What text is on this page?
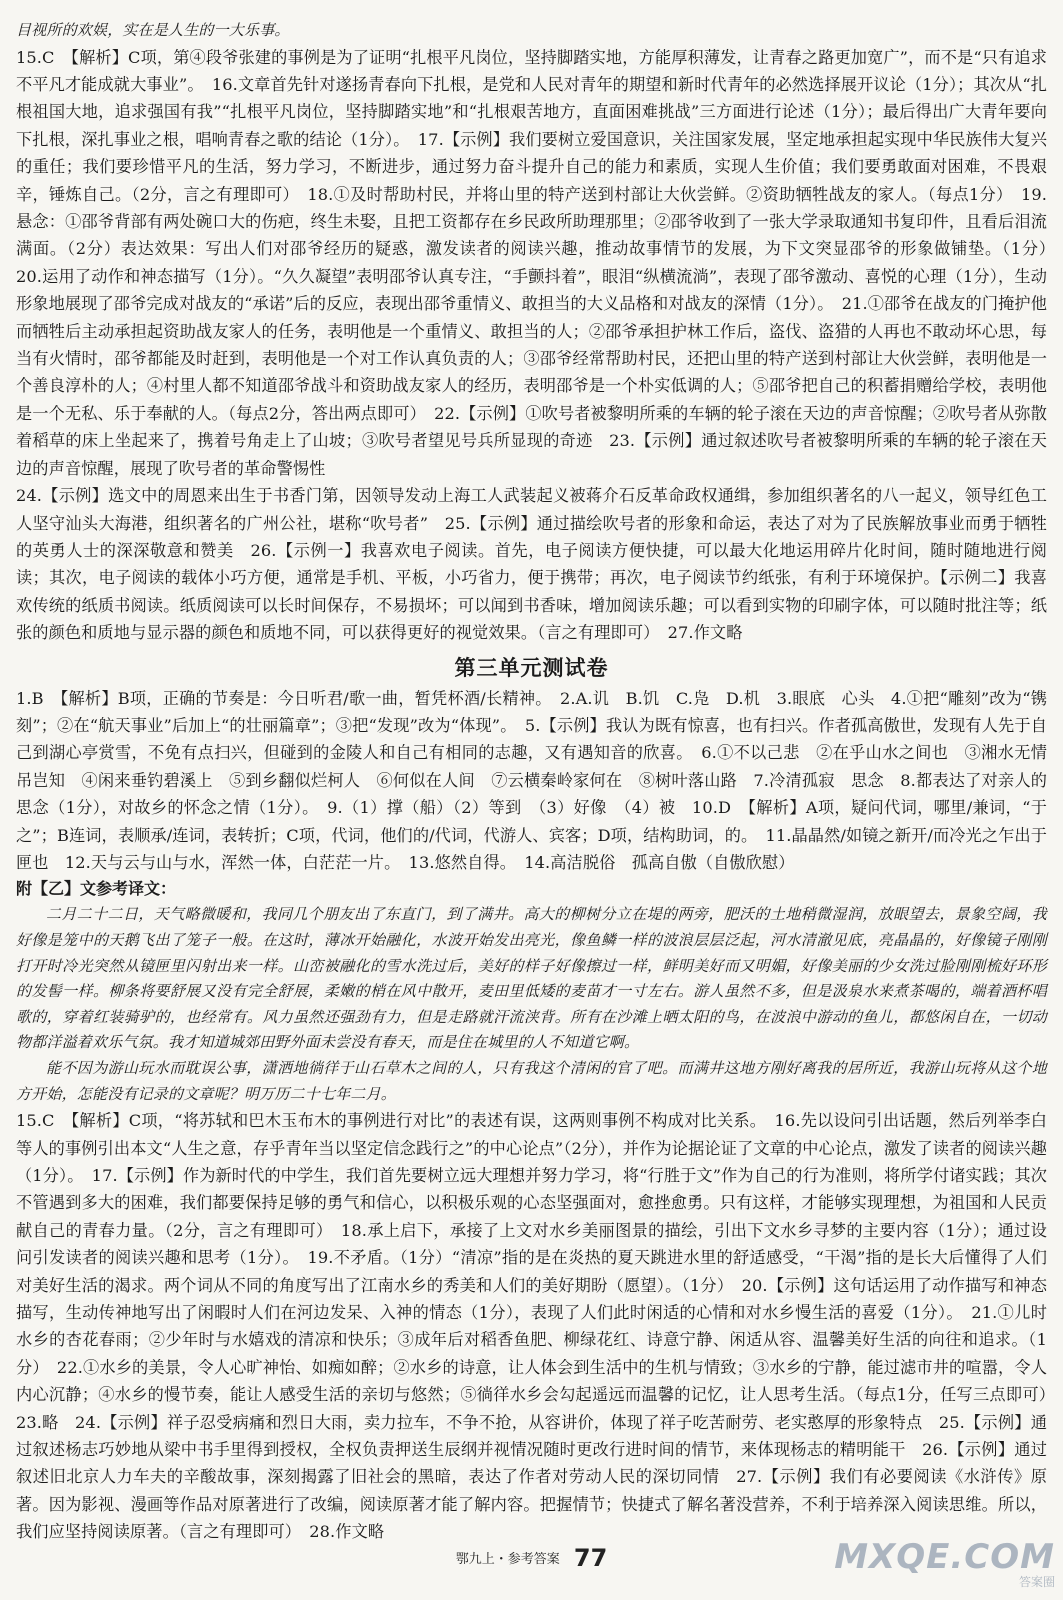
目视所的欢娱，实在是人生的一大乐事。

15.C　【解析】C项，第④段爷张建的事例是为了证明“扎根平凡岗位，坚持脚踏实地，方能厚积薄发，让青春之路更加宽广”，而不是“只有追求不平凡才能成就大事业”。　16.文章首先针对遂扬青春向下扎根，是党和人民对青年的期望和新时代青年的必然选择展开议论（1分）；其次从“扎根祖国大地，追求强国有我”“扎根平凡岗位，坚持脚踏实地”和“扎根艰苦地方，直面困难挑战”三方面进行论述（1分）；最后得出广大青年要向下扎根，深扎事业之根，唱响青春之歌的结论（1分）。　17.【示例】我们要树立爱国意识，关注国家发展，坚定地承担起实现中华民族伟大复兴的重任；我们要珍惜平凡的生活，努力学习，不断进步，通过努力奋斗提升自己的能力和素质，实现人生价值；我们要勇敢面对困难，不畏艰辛，锤炼自己。（2分，言之有理即可）　18.①及时帮助村民，并将山里的特产送到村部让大伙尝鲜。②资助牺牲战友的家人。（每点1分）　19.悬念：①邵爷背部有两处碗口大的伤疤，终生未娶，且把工资都存在乡民政所助理那里；②邵爷收到了一张大学录取通知书复印件，且看后泪流满面。（2分）表达效果：写出人们对邵爷经历的疑惑，激发读者的阅读兴趣，推动故事情节的发展，为下文突显邵爷的形象做铺垫。（1分）　20.运用了动作和神态描写（1分）。“久久凝望”表明邵爷认真专注，“手颤抖着”，眼泪“纵横流淌”，表现了邵爷激动、喜悦的心理（1分），生动形象地展现了邵爷完成对战友的“承诺”后的反应，表现出邵爷重情义、敢担当的大义品格和对战友的深情（1分）。　21.①邵爷在战友的门掩护他而牺牲后主动承担起资助战友家人的任务，表明他是一个重情义、敢担当的人；②邵爷承担护林工作后，盗伐、盗猎的人再也不敢动坏心思，每当有火情时，邵爷都能及时赶到，表明他是一个对工作认真负责的人；③邵爷经常帮助村民，还把山里的特产送到村部让大伙尝鲜，表明他是一个善良淳朴的人；④村里人都不知道邵爷战斗和资助战友家人的经历，表明邵爷是一个朴实低调的人；⑤邵爷把自己的积蓄捐赠给学校，表明他是一个无私、乐于奉献的人。（每点2分，答出两点即可）　22.【示例】①吹号者被黎明所乘的车辆的轮子滚在天边的声音惊醒；②吹号者从弥散着稻草的床上坐起来了，携着号角走上了山坡；③吹号者望见号兵所显现的奇迹　23.【示例】通过叙述吹号者被黎明所乘的车辆的轮子滚在天边的声音惊醒，展现了吹号者的革命警惕性

24.【示例】选文中的周恩来出生于书香门第，因领导发动上海工人武装起义被蒋介石反革命政权通缉，参加组织著名的八一起义，领导红色工人坚守汕头大海港，组织著名的广州公社，堪称“吹号者”　25.【示例】通过描绘吹号者的形象和命运，表达了对为了民族解放事业而勇于牺牲的英勇人士的深深敬意和赞美　26.【示例一】我喜欢电子阅读。首先，电子阅读方便快捷，可以最大化地运用碎片化时间，随时随地进行阅读；其次，电子阅读的载体小巧方便，通常是手机、平板，小巧省力，便于携带；再次，电子阅读节约纸张，有利于环境保护。【示例二】我喜欢传统的纸质书阅读。纸质阅读可以长时间保存，不易损坏；可以闻到书香味，增加阅读乐趣；可以看到实物的印刷字体，可以随时批注等；纸张的颜色和质地与显示器的颜色和质地不同，可以获得更好的视觉效果。（言之有理即可）　27.作文略

第三单元测试卷

1.B　【解析】B项，正确的节奏是：今日听君/歌一曲，暂凭杯酒/长精神。　2.A.讥　B.饥　C.凫　D.机　3.眼底　心头　4.①把“雕刻”改为“镌刻”；②在“航天事业”后加上“的壮丽篇章”；③把“发现”改为“体现”。　5.【示例】我认为既有惊喜，也有扫兴。作者孤高傲世，发现有人先于自己到湖心亭赏雪，不免有点扫兴，但碰到的金陵人和自己有相同的志趣，又有遇知音的欣喜。　6.①不以己悲　②在乎山水之间也　③湘水无情吊岂知　④闲来垂钓碧溪上　⑤到乡翻似烂柯人　⑥何似在人间　⑦云横秦岭家何在　⑧树叶落山路　7.冷清孤寂　思念　8.都表达了对亲人的思念（1分），对故乡的怀念之情（1分）。　9.（1）撑（船）（2）等到　（3）好像　（4）被　10.D　【解析】A项，疑问代词，哪里/兼词，“于之”；B连词，表顺承/连词，表转折；C项，代词，他们的/代词，代游人、宾客；D项，结构助词，的。　11.晶晶然/如镜之新开/而冷光之乍出于匣也　12.天与云与山与水，浑然一体，白茫茫一片。　13.悠然自得。　14.高洁脱俗　孤高自傲（自傲欣慰）

附【乙】文参考译文：

二月二十二日，天气略微暖和，我同几个朋友出了东直门，到了满井。高大的柳树分立在堤的两旁，肥沃的土地稍微湿润，放眼望去，景象空阔，我好像是笼中的天鹅飞出了笼子一般。在这时，薄冰开始融化，水波开始发出亮光，像鱼鳞一样的波浪层层泛起，河水清澈见底，亮晶晶的，好像镜子刚刚打开时冷光突然从镜匣里闪射出来一样。山峦被融化的雪水洗过后，美好的样子好像擦过一样，鲜明美好而又明媚，好像美丽的少女洗过脸刚刚梳好环形的发髻一样。柳条将要舒展又没有完全舒展，柔嫩的梢在风中散开，麦田里低矮的麦苗才一寸左右。游人虽然不多，但是汲泉水来煮茶喝的，端着酒杯唱歌的，穿着红装骑驴的，也经常有。风力虽然还强劲有力，但是走路就汗流浃背。所有在沙滩上晒太阳的鸟，在波浪中游动的鱼儿，都悠闲自在，一切动物都洋溢着欢乐气氛。我才知道城郊田野外面未尝没有春天，而是住在城里的人不知道它啊。

能不因为游山玩水而耽误公事，潇洒地徜徉于山石草木之间的人，只有我这个清闲的官了吧。而满井这地方刚好离我的居所近，我游山玩将从这个地方开始，怎能没有记录的文章呢？明万历二十七年二月。

15.C　【解析】C项，“将苏轼和巴木玉布木的事例进行对比”的表述有误，这两则事例不构成对比关系。　16.先以设问引出话题，然后列举李白等人的事例引出本文“人生之意，存乎青年当以坚定信念践行之”的中心论点”（2分），并作为论据论证了文章的中心论点，激发了读者的阅读兴趣（1分）。　17.【示例】作为新时代的中学生，我们首先要树立远大理想并努力学习，将“行胜于文”作为自己的行为准则，将所学付诸实践；其次不管遇到多大的困难，我们都要保持足够的勇气和信心，以积极乐观的心态坚强面对，愈挫愈勇。只有这样，才能够实现理想，为祖国和人民贡献自己的青春力量。（2分，言之有理即可）　18.承上启下，承接了上文对水乡美丽图景的描绘，引出下文水乡寻梦的主要内容（1分）；通过设问引发读者的阅读兴趣和思考（1分）。　19.不矛盾。（1分）“清凉”指的是在炎热的夏天跳进水里的舒适感受，“干渴”指的是长大后懂得了人们对美好生活的渴求。两个词从不同的角度写出了江南水乡的秀美和人们的美好期盼（愿望）。（1分）　20.【示例】这句话运用了动作描写和神态描写，生动传神地写出了闲暇时人们在河边发呆、入神的情态（1分），表现了人们此时闲适的心情和对水乡慢生活的喜爱（1分）。　21.①儿时水乡的杏花春雨；②少年时与水嬉戏的清凉和快乐；③成年后对稻香鱼肥、柳绿花红、诗意宁静、闲适从容、温馨美好生活的向往和追求。（1分）　22.①水乡的美景，令人心旷神怡、如痴如醉；②水乡的诗意，让人体会到生活中的生机与情致；③水乡的宁静，能过滤市井的喧嚣，令人内心沉静；④水乡的慢节奏，能让人感受生活的亲切与悠然；⑤徜徉水乡会勾起遥远而温馨的记忆，让人思考生活。（每点1分，任写三点即可）　23.略　24.【示例】祥子忍受病痛和烈日大雨，卖力拉车，不争不抢，从容讲价，体现了祥子吃苦耐劳、老实憨厚的形象特点　25.【示例】通过叙述杨志巧妙地从梁中书手里得到授权，全权负责押送生辰纲并视情况随时更改行进时间的情节，来体现杨志的精明能干　26.【示例】通过叙述旧北京人力车夫的辛酸故事，深刻揭露了旧社会的黑暗，表达了作者对劳动人民的深切同情　27.【示例】我们有必要阅读《水浒传》原著。因为影视、漫画等作品对原著进行了改编，阅读原著才能了解内容。把握情节；快捷式了解名著没营养，不利于培养深入阅读思维。所以，我们应坚持阅读原著。（言之有理即可）　28.作文略

鄂九上・参考答案 77	MXQE.COM
答案圈
